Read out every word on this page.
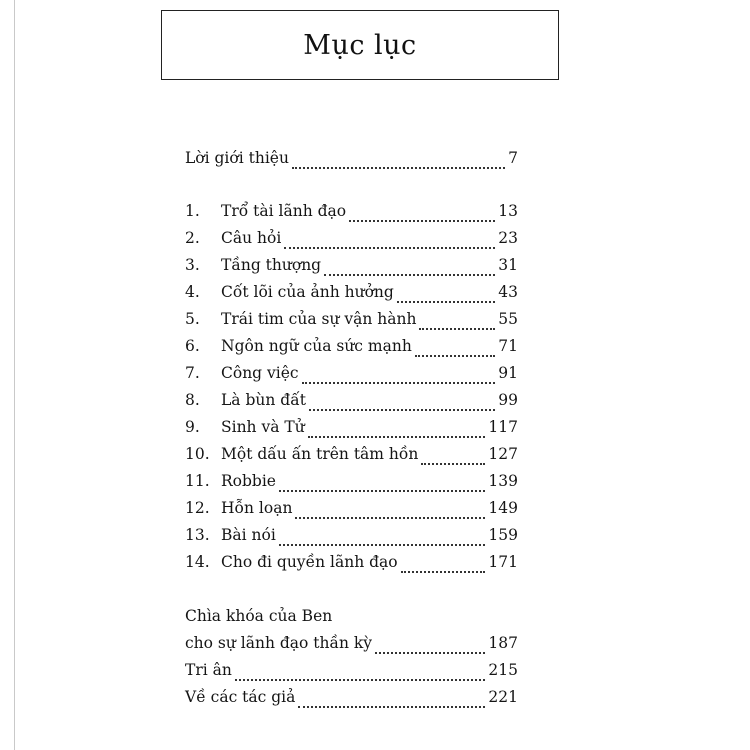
Mục lục
Lời giới thiệu	7
1.	Trổ tài lãnh đạo	13
2.	Câu hỏi	23
3.	Tầng thượng	31
4.	Cốt lõi của ảnh hưởng	43
5.	Trái tim của sự vận hành	55
6.	Ngôn ngữ của sức mạnh	71
7.	Công việc	91
8.	Là bùn đất	99
9.	Sinh và Tử	117
10. Một dấu ấn trên tâm hồn	127
11. Robbie	139
12. Hỗn loạn	149
13. Bài nói	159
14. Cho đi quyền lãnh đạo	171
Chìa khóa của Ben
cho sự lãnh đạo thần kỳ	187
Tri ân	215
Về các tác giả	221
